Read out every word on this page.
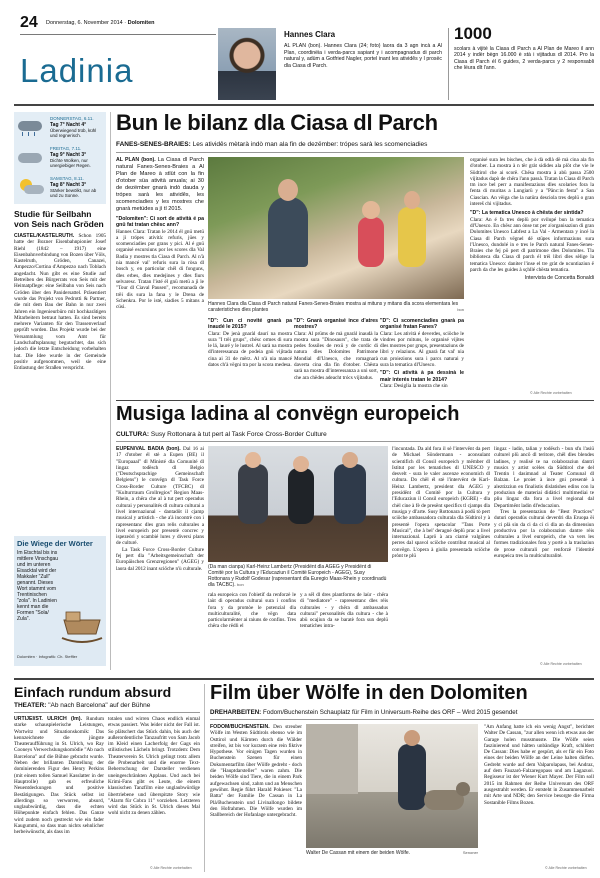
24 Donnerstag, 6. November 2014 · Dolomiten
Ladinia
Hannes Clara
AL PLAN (bon). Hannes Clara (24; foto) laora da 3 agn incà a Al Plan, coordinëia i verda-parcs sapiant y i acompagnadus di parch natural y, adüm a Gotfried Nagler, portel inant les atividês y l prosëc dla Ciasa dl Parch.
1000
scolars à vijité la Ciasa dl Parch a Al Plan de Mareo il ann 2014 y indër bègn 16.000 è stà i vijitadus dl 2014. Pro la Ciasa dl Parch él 6 guides, 2 verda-parcs y 2 responsabli che lëura dlt l'ann.
DONNERSTAG, 6.11.
Tag 7° Nacht 4°
Überwiegend trüb, kühl und regnerisch.
FREITAG, 7.11.
Tag 9° Nacht 3°
Dichte Wolken, nur unergiebiger Regen.
SAMSTAG, 8.11.
Tag 8° Nacht 3°
Stärker bewölkt, nur ab und zu Sonne.
Studie für Seilbahn von Seis nach Gröden
CIASTEL/KASTELRUTH. Schon 1905 hatte der Bozner Eisenbahnpionier Josef Riehl (1842 – 1917) eine Eisenbahnverbindung von Bozen über Völs, Kastelruth, Gröden, Canazei, Ampezzo/Cortina d'Ampezzo nach Toblach angedacht. Nun gibt es eine Studie auf Betreiben des Bürgerrats von Seis mit der Heimatpflege: eine Seilbahn von Seis nach Gröden über den Panidersattel. Präsentiert wurde das Projekt von Pedrotti & Partner, die mit dem Bau der Bahn in nur zwei Jahren ein Ingenieurbüro mit hochkarätigen Mitarbeitern betraut hatten. Es sind bereits mehrere Varianten für den Trassenverlauf geprüft worden. Das Projekt wurde bei der Versammlung vom Amt für Landschaftsplanung begutachtet, das sich jedoch die letzte Entscheidung vorbehalten hat. Die Idee wurde in der Gemeinde positiv aufgenommen, weil sie eine Entlastung der Straßen verspricht.
Die Wiege der Wörter
Im Etschtal bis ins mittlere Vinschgau und im unteren Eisacktal wird der Makkaler "Zull" genannt. Dieses Wort stammt vom Trentinischen "zola". In Ladinien kennt man die Formen "Sola/ Zula".
Dolomiten · Infografik: Ch. Steffler
Bun le bilanz dla Ciasa dl Parch
FANES-SENES-BRAIES: Les atividês mètarà indò man ala fin de dezëmber: trópes sarà les scomenciadies
AL PLAN (bon). La Ciasa dl Parch natural Fanes-Senes-Braies a Al Plan de Mareo à stlüt con la fin d'otober süa atività anuala; ai 30 de dezëmber gnarà indò dauda y trópes sarà les atividês, les scomenciadies y les mostres che gnarà metüdes a jì tl 2015.
"Dolomiten": Ci sort de atività é pa gnü fat tratan chësc ann?
Hannes Clara: Tratan le 2014 él gnü metü a jì trópes atività: refuris, jües y scomenciadies por grans y pici. Al é gnü organisé escursiuns por les scores dla Val Badia y mostres tla Ciasa dl Parch. Al n'à nia mancé val' refuris sura la ròsa dl bosch y, en particolar chël di fonguns, dles erbes, dles medejines y dles fiurs selvaresc. Tratan l'isté él gnü metü a jì le "Tour dl Ciaval Pausen", recomanadà de trëi dis sura la fana y le Drena de Schenkra. Por le isté, siadies 5 mitans a cüsì.
Hannes Clara dla Ciasa dl Parch natural Fanes-Senes-Braies mostra ai mituns y mitans dla scora elementara les carateristiches dles plantes	bon
"D": Cun ci novité gnarà pa inaudé le 2015?
Clara: De jenà gnaràl daurí na mostra sura "I trëi grups", chësc ormes di sura le lá, lauré y le lustrel. Al sarà na mostra dl'interessanza de podeia gnü vijitada cina ai 31 de mërz. Al n'à nia mancé datos ch'à vëgni tra por la scora medesa.
"D": Gnarà organisé ince d'atres mostres?
Clara: Al prüms de mà gnaràl inaudà la mostra sura "Dinosaurs", che trata de pedes fossiles de rexü y de cordic di natura dles Dolomites Patrimone Mondial dl'Unesco, che romagnarà daverta cina dla fin d'otober. Chësta sarà na mostra dl'interessanza a uni sort, che ara chëdes adeacht trócs vijitadus.
"D": Ci scomenciadies gnarà pa organisé fratan Fanes?
Clara: Les atività é deverdes, sciöche le vindres por mituns, le organisé vijites dles mostres por grups, presentaziuns de libri y relaziuns. Al gnarà fat val' nia cun proiezions sura i parcs naturai y sura la tematica dl'Unesco.
"D": Ci atività à pa dessinà le mair interés tratan le 2014?
Clara: Desiglia la mostra che sin
organisé sura les bisches, che à dà odlà dë mà cina ala fin d'otober. La mostra à n tër gràt sidides ala plöt che vie le Südtirol che ai scorë. Chësa mostra à abü passa 2500 vijitadus dapò de chëra l'ann passà. Tratan la Ciasa dl Parch tm ince bel perr a manifestaziuns dles scolaries fora la fenta di muritas a Lungiarü y a "Pänc:in festa" a San Ciascian. An vëiga che la natüra desciola tres deplü o gran intereš chi vijitadus.
"D": La tematica Unesco à chësta der sintida?
Clara: An é fa tres deplü por svilupé bun la tematica dl'Unesco. En chësc ann ónse tut per a'organisaziun di gran Dolomites Unesco Labfest a La Val - Armentara y incé la Ciasa dl Parch vëgnel dë stüpes informaziuns sura l'Unesco, dundolé in e tres le Parch natural Fanes-Senes-Braies che fej pö pert dl patrimone dles Dolomites. Tla biblioteca dla Ciasa dl parch él trëi libri dles sèlige la tematica Unesco: daniter l'inse el tre gràt de ncuntiaziun ë parch da che les guides à sçhllé chësta tematica.
Intervista de Concetta Bonaldi
© Alle Rechte vorbehalten
Musiga ladina al convëgn europeich
CULTURA: Susy Rottonara à tut pert al Task Force Cross-Border Culture
EUPEN/VAL BADIA (bon). Dal 16 ai 17 d'otober él stè a Eupen (BE) il "Europaaal" dl Ministé dla Comunité dl lingaz todësch dl Belgio ("Deutschsprachige Gemeinschaft Belgiens") le convëgn dl Task Force Cross-Border Culture (TFCBC) dl "Kulturrraum Grollregios" Region Maas-Rhein, a chëra che al à tut pert operadus culturai y personalités dl cultura culturai a livel internaziunal - dantadöt il cjamp musical y artistich - che a'à incontrè con i rapresentanc dles gran relis culturales a livel europeich por presentè concrec y ispezeòri y scambié lures y diversi plans de culturé.
La Task Force Cross-Border Culture fej pert dla "Arbeitsgemeinschaft der Europäischen Grenzregionen" (AGEG) y laora dal 2012 inant sciöche n'ù culturale.	(Da man cianpa) Karl-Heinz Lambertz (Presidënt dla AGEG y Presidënt di Comitë por la Cultura y l'Educaziun il Comitë Europeich - AGEG), Susy Rottonara y Rudolf Godesar (rapresentant dla Euregio Maas-Rhein y coordinadù dla TACBC). bon
rala europeica con l'obietif da renforzè le laùt di operadus culturai sura i confins fora y da promòe le potenzial dla multiculturalité, che vëgn data particolarmënter ai raiuns de confins. Tres chëra che rëdli el
y a sël dl dres plantforms de laùr - chëra di "mediatore" - rapresentanc dles réis culturales - y chëra dl ambassadus culturai" personalités dla cultura - che à abü ocajiun da se baratè fora sun deplü tematiches intra-
l'incuntada. Da ald fora il sè l'intervënt da pert de Michael Söndermann - aconsulant scientifich dl Consil europeich y mëmber dl Istitut por les tematiches dl UNESCO y desvelt - sura le valer ascenze economich dl cultura. Do chël él stè l'intervënt de Karl-Heinz Lambertz, president dla AGEG y presidënt dl Comitë por la Cultura y l'Educaziun il Consil europeich (KGRE) - dla chèl cine à fè de presënt specifics tl cjamps dla musiga y dl'arte. Susy Rottonara à podü tò pert sciöche ambassadora culturala dla Südtirol y à presentè l'opera spetacolar "Tans Porte Musical", che à bel' deragné deplü prac a livel internazional. Laprö à ara ciarnè valgünes perres dal spavol sciöche contribut musical al convëgn. L'opera à giulia presentada sciöche prònt te plü
lingaz - ladin, talian y todësch - bun sfu l'asiü culturel plü ancô dl teritore, chël dles blendes ladines, y realisé te na colaboraziun dantri musics y artist scèles da Südtirol che del Trentin l dasimnad al Teater Comunal dl Balzan. Le proiet à ince gni presentè à aleztizziun en finalistis dislatishes edìns con la produziun de materiai didàtici multimediai te pliu lingaz dla fora a livel regional dal Departimënt ladin dl'educaziun.
Tres la presentaziun de "Best Practices" duturi operadùs culturai deverdri dla Eruopa ëi y ci plà sin da ci da ci ci dla an da dimensiun productiva por la colaboraziun dantre rèis culturales a livel europeich, che va vers les formes tradizionales fora y portè a la traslaziun de prose culturali por renforzè l'identité europeica tres la multiculturalité.
© Alle Rechte vorbehalten
Einfach rundum absurd
THEATER: "Ab nach Barcelona" auf der Bühne
URTIJËI/ST. ULRICH (lm). Rundum starke schauspielerische Leistungen, Wortwitz und Situationskomik: Das kennzeichnete die jüngste Theateraufführung in St. Ulrich, wo Ray Cooneys Verwechslungskomödie "Ab nach Barcelona" auf die Bühne gebracht wurde. Neben der brillanten Darstellung der dominierenden Figur des Henry Perkins (mit einem tollen Samuel Kasslatter in der Hauptrolle) gab es erfreuliche Neuentdeckungen und positive Bestätigungen. Das Stück selbst ist allerdings so verworren, absurd, unglaubwürdig, dass die echten Höhepunkte einfach fehlen. Das Ganze wird zudem noch gestreckt wie ein fader Kaugummi, so dass man nichts sehnlicher herbeiwünscht, als dass im
totalen und wirren Chaos endlich einmal etwas passiert. Was leider nicht der Fall ist. So plätschert das Stück dahin, bis auch der außerordentliche Tanzaufritt von Sam Jacob im Kleid einen Lacherfolg der Gags ein stilistisches Lächeln bringt. Trotzdem: Dem Theaterverein St. Ulrich gelingt trotz allem die Probenarbeit und die enorme Text-Beherrschung der Darsteller verdienen uneingeschränkten Applaus. Und auch bei Krimi-Fans gibt es Leute, die einem klassischen Tanzfilm eine unglaubwürdige übertriebene und überspitzte Story wie "Alarm für Cobra 11" vorziehen. Letzteren wird das Stück in St. Ulrich dieses Mal wohl nicht zu denen zählen.
© Alle Rechte vorbehalten
Film über Wölfe in den Dolomiten
DREHARBEITEN: Fodom/Buchenstein Schauplatz für Film in Universum-Reihe des ORF – Wird 2015 gesendet
Walter De Cassan mit einem der beiden Wölfe.	Senoner
FODOM/BUCHENSTEIN. Den streuber Wölfe im Westen Südtirols ebenso wie im Osttirol und Kärnten durch die Wälder streifen, ist bis vor kurzem eine rein fiktive Hypothese. Vor einigen Tagen wurden in Buchenstein Szenen für einen Dokumentarfilm über Wölfe gedreht - doch die "Hauptdarsteller" waren zahm. Die beiden Wölfe sind Tiere, die in einem Park aufgewachsen sind, zahm und an Menschen gewöhnt. Regie führt Harald Pokieser. "La Batta" der Familie De Cassan in La Plà/Buchenstein und Livinallongo bildete den Hofrahmen. Die Wölfe wurden im Stallbereich der Hofanlage untergebracht.
"Am Anfang hatte ich ein wenig Angst", berichtet Walter De Cassan, "zur allen wenn ich etwas aus der Garage holen mussmusste. Die Wölfe seien faszinierend und hätten unbändige Kraft, schildert De Cassan: Dies habe er gespürt, als er für ein Foto eines der beiden Wölfe an der Leine halten dürfen. Gedreht wurde auf dem Valparolapass, bei Andraz, auf dem Fauzarò-Falzaregopass und am Lagazuoi. Regisseur ist der Wiener Kurt Mayer. Der Film soll 2015 im Rahmen der Reihe Universum des ORF ausgestrahlt werden. Er entsteht in Zusammenarbeit mit Arte und NDR; den Service besorgte die Firma Sostanible Films Bozen.
© Alle Rechte vorbehalten
